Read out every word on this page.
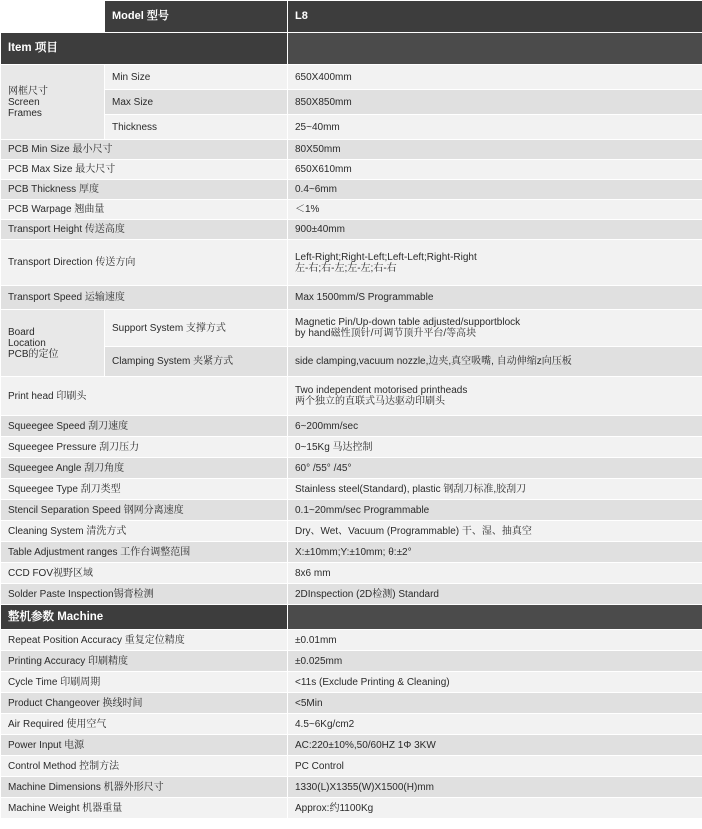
	Model 型号	L8
Item 项目		

网框尺寸
Screen
Frames	Min Size	650X400mm
	Max Size	850X850mm
	Thickness	25~40mm
PCB Min Size 最小尺寸		80X50mm
PCB Max Size 最大尺寸		650X610mm
PCB Thickness 厚度		0.4~6mm
PCB Warpage 翘曲量		＜1%
Transport Height 传送高度		900±40mm
Transport Direction 传送方向		Left-Right;Right-Left;Left-Left;Right-Right
左-右;右-左;左-左;右-右

Transport Speed 运输速度		Max 1500mm/S Programmable

Board
Location
PCB的定位	Support System 支撑方式	Magnetic Pin/Up-down table adjusted/supportblock
by hand磁性顶针/可调节顶升平台/等高块

	Clamping System 夹紧方式	side clamping,vacuum nozzle,边夹,真空吸嘴, 自动伸缩z向压板
Print head 印刷头		Two independent motorised printheads
两个独立的直联式马达驱动印刷头

Squeegee Speed 刮刀速度		6~200mm/sec
Squeegee Pressure 刮刀压力		0~15Kg 马达控制
Squeegee Angle 刮刀角度		60° /55° /45°
Squeegee Type 刮刀类型		Stainless steel(Standard), plastic 钢刮刀标准,胶刮刀
Stencil Separation Speed 钢网分离速度		0.1~20mm/sec Programmable
Cleaning System 清洗方式		Dry、Wet、Vacuum (Programmable) 干、湿、抽真空
Table Adjustment ranges 工作台调整范围		X:±10mm;Y:±10mm; θ:±2°
CCD FOV视野区域		8x6 mm
Solder Paste Inspection锡膏检测		2DInspection (2D检测) Standard
整机参数 Machine		
Repeat Position Accuracy 重复定位精度		±0.01mm
Printing Accuracy 印刷精度		±0.025mm
Cycle Time 印刷周期		<11s (Exclude Printing & Cleaning)
Product Changeover 换线时间		<5Min
Air Required 使用空气		4.5~6Kg/cm2
Power Input 电源		AC:220±10%,50/60HZ 1Φ 3KW
Control Method 控制方法		PC Control
Machine Dimensions 机器外形尺寸		1330(L)X1355(W)X1500(H)mm
Machine Weight 机器重量		Approx:约1100Kg
